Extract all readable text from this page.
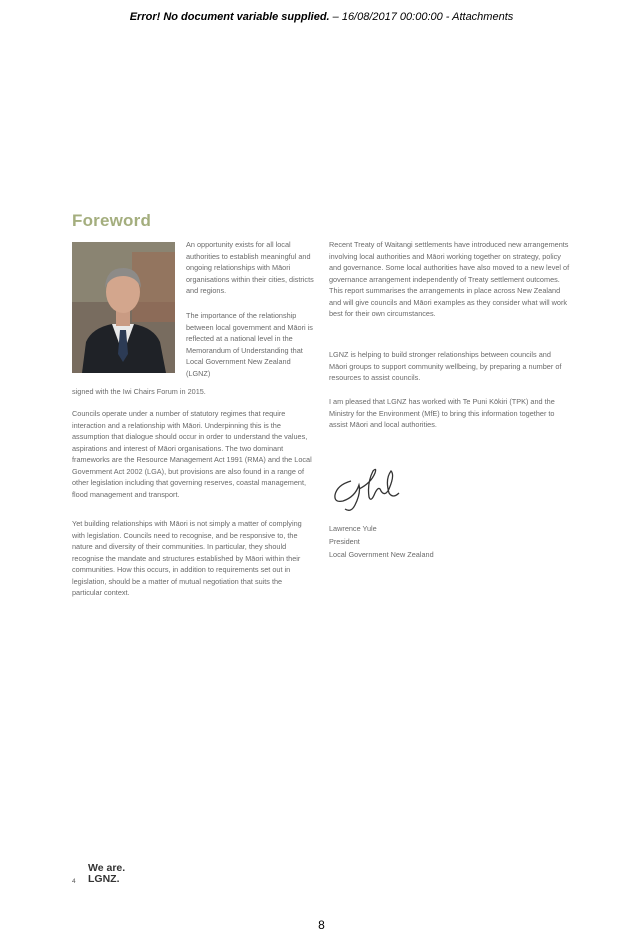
Error! No document variable supplied. – 16/08/2017 00:00:00 - Attachments
Foreword

An opportunity exists for all local authorities to establish meaningful and ongoing relationships with Māori organisations within their cities, districts and regions.

The importance of the relationship between local government and Māori is reflected at a national level in the Memorandum of Understanding that Local Government New Zealand (LGNZ)

signed with the Iwi Chairs Forum in 2015.

Councils operate under a number of statutory regimes that require interaction and a relationship with Māori. Underpinning this is the assumption that dialogue should occur in order to understand the values, aspirations and interest of Māori organisations. The two dominant frameworks are the Resource Management Act 1991 (RMA) and the Local Government Act 2002 (LGA), but provisions are also found in a range of other legislation including that governing reserves, coastal management, flood management and transport.

Yet building relationships with Māori is not simply a matter of complying with legislation. Councils need to recognise, and be responsive to, the nature and diversity of their communities. In particular, they should recognise the mandate and structures established by Māori within their communities. How this occurs, in addition to requirements set out in legislation, should be a matter of mutual negotiation that suits the particular context.

Recent Treaty of Waitangi settlements have introduced new arrangements involving local authorities and Māori working together on strategy, policy and governance. Some local authorities have also moved to a new level of governance arrangement independently of Treaty settlement outcomes. This report summarises the arrangements in place across New Zealand and will give councils and Māori examples as they consider what will work best for their own circumstances.

LGNZ is helping to build stronger relationships between councils and Māori groups to support community wellbeing, by preparing a number of resources to assist councils.

I am pleased that LGNZ has worked with Te Puni Kōkiri (TPK) and the Ministry for the Environment (MfE) to bring this information together to assist Māori and local authorities.

Lawrence Yule
President
Local Government New Zealand
4
We are.
LGNZ.
8
